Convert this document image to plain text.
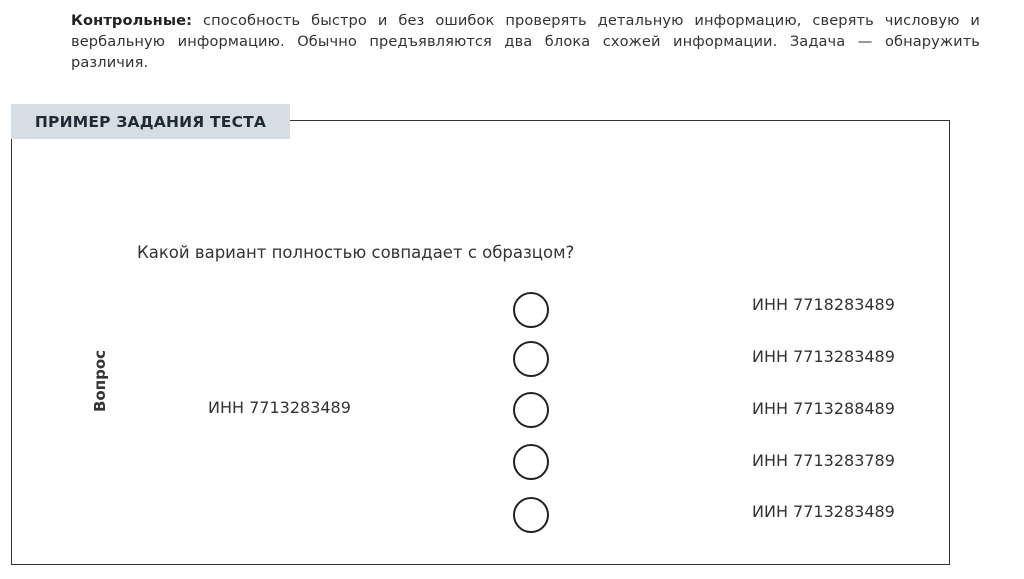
Контрольные: способность быстро и без ошибок проверять детальную информацию, сверять числовую и вербальную информацию. Обычно предъявляются два блока схожей информации. Задача — обнаружить различия.
ПРИМЕР ЗАДАНИЯ ТЕСТА
Какой вариант полностью совпадает с образцом?
Вопрос	ИНН 7713283489
ИНН 7718283489
ИНН 7713283489
ИНН 7713288489
ИНН 7713283789
ИИН 7713283489
